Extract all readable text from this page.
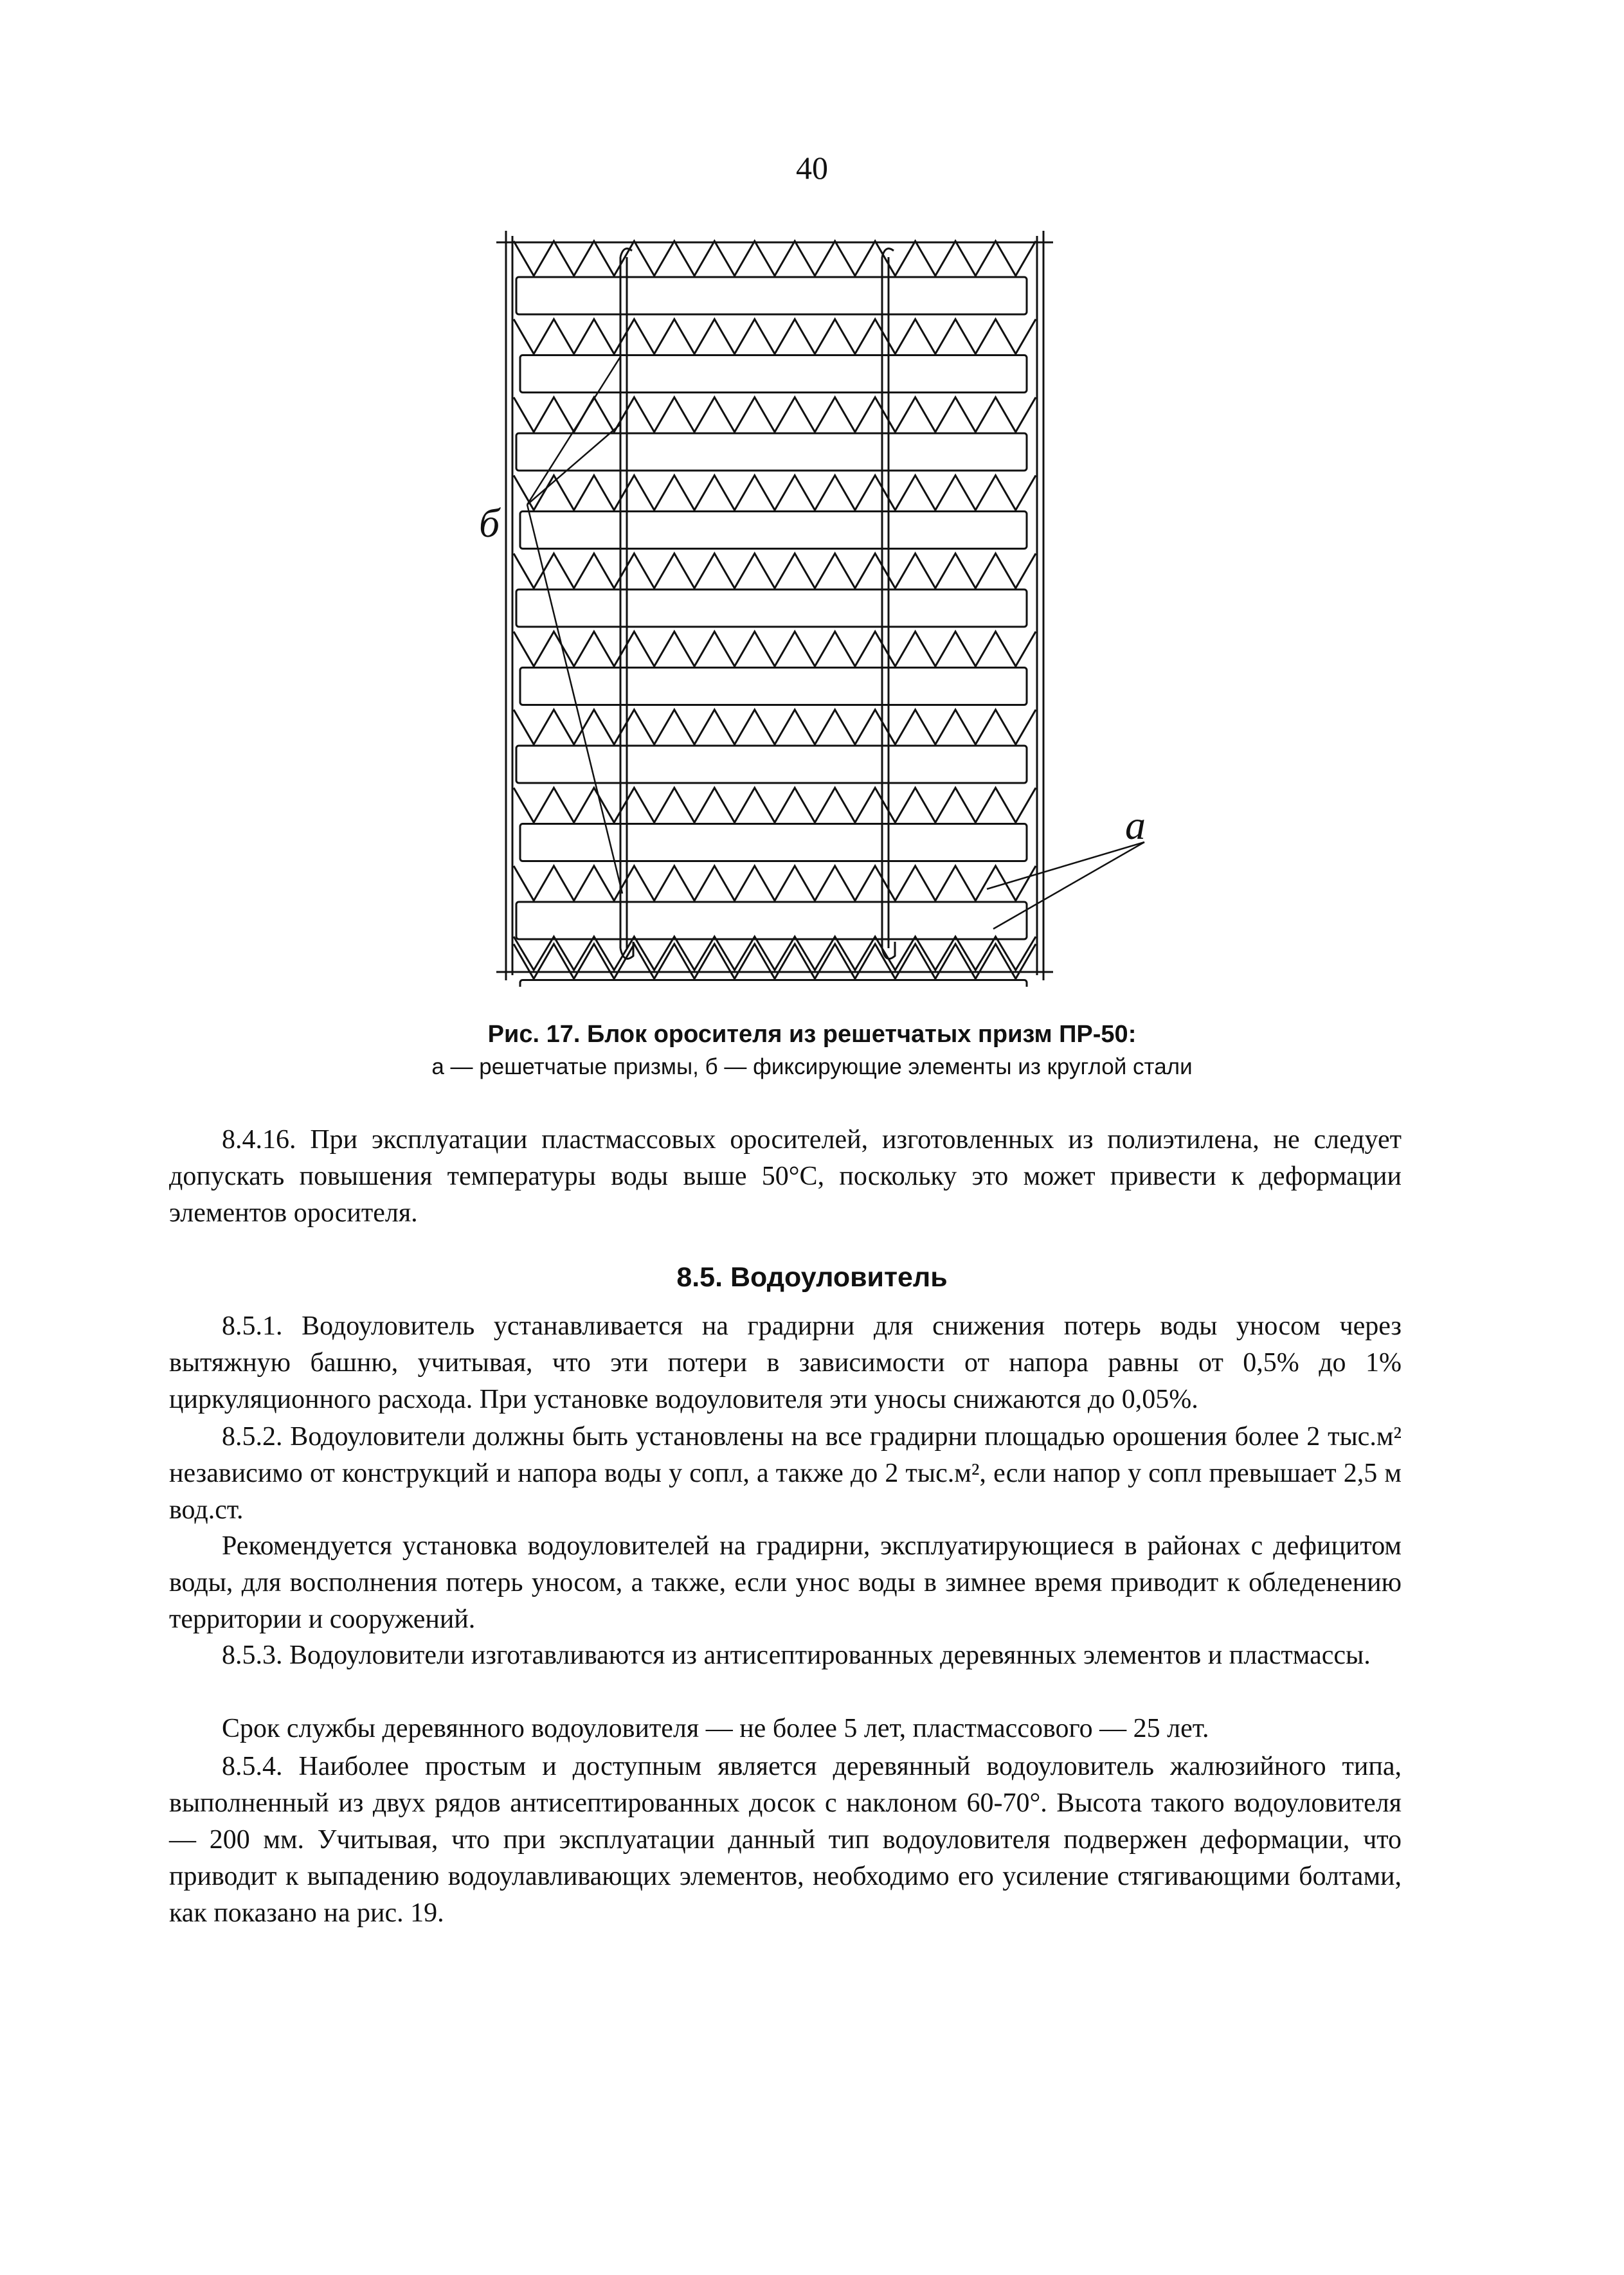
40
б
а
Рис. 17. Блок оросителя из решетчатых призм ПР-50:
а — решетчатые призмы, б — фиксирующие элементы из круглой стали

8.4.16. При эксплуатации пластмассовых оросителей, изготовленных из полиэтилена, не следует допускать повышения температуры воды выше 50°С, поскольку это может привести к деформации элементов оросителя.

8.5. Водоуловитель

8.5.1. Водоуловитель устанавливается на градирни для снижения потерь воды уносом через вытяжную башню, учитывая, что эти потери в зависимости от напора равны от 0,5% до 1% циркуляционного расхода. При установке водоуловителя эти уносы снижаются до 0,05%.

8.5.2. Водоуловители должны быть установлены на все градирни площадью орошения более 2 тыс.м² независимо от конструкций и напора воды у сопл, а также до 2 тыс.м², если напор у сопл превышает 2,5 м вод.ст.

Рекомендуется установка водоуловителей на градирни, эксплуатирующиеся в районах с дефицитом воды, для восполнения потерь уносом, а также, если унос воды в зимнее время приводит к обледенению территории и сооружений.

8.5.3. Водоуловители изготавливаются из антисептированных деревянных элементов и пластмассы.

Срок службы деревянного водоуловителя — не более 5 лет, пластмассового — 25 лет.

8.5.4. Наиболее простым и доступным является деревянный водоуловитель жалюзийного типа, выполненный из двух рядов антисептированных досок с наклоном 60-70°. Высота такого водоуловителя — 200 мм. Учитывая, что при эксплуатации данный тип водоуловителя подвержен деформации, что приводит к выпадению водоулавливающих элементов, необходимо его усиление стягивающими болтами, как показано на рис. 19.
